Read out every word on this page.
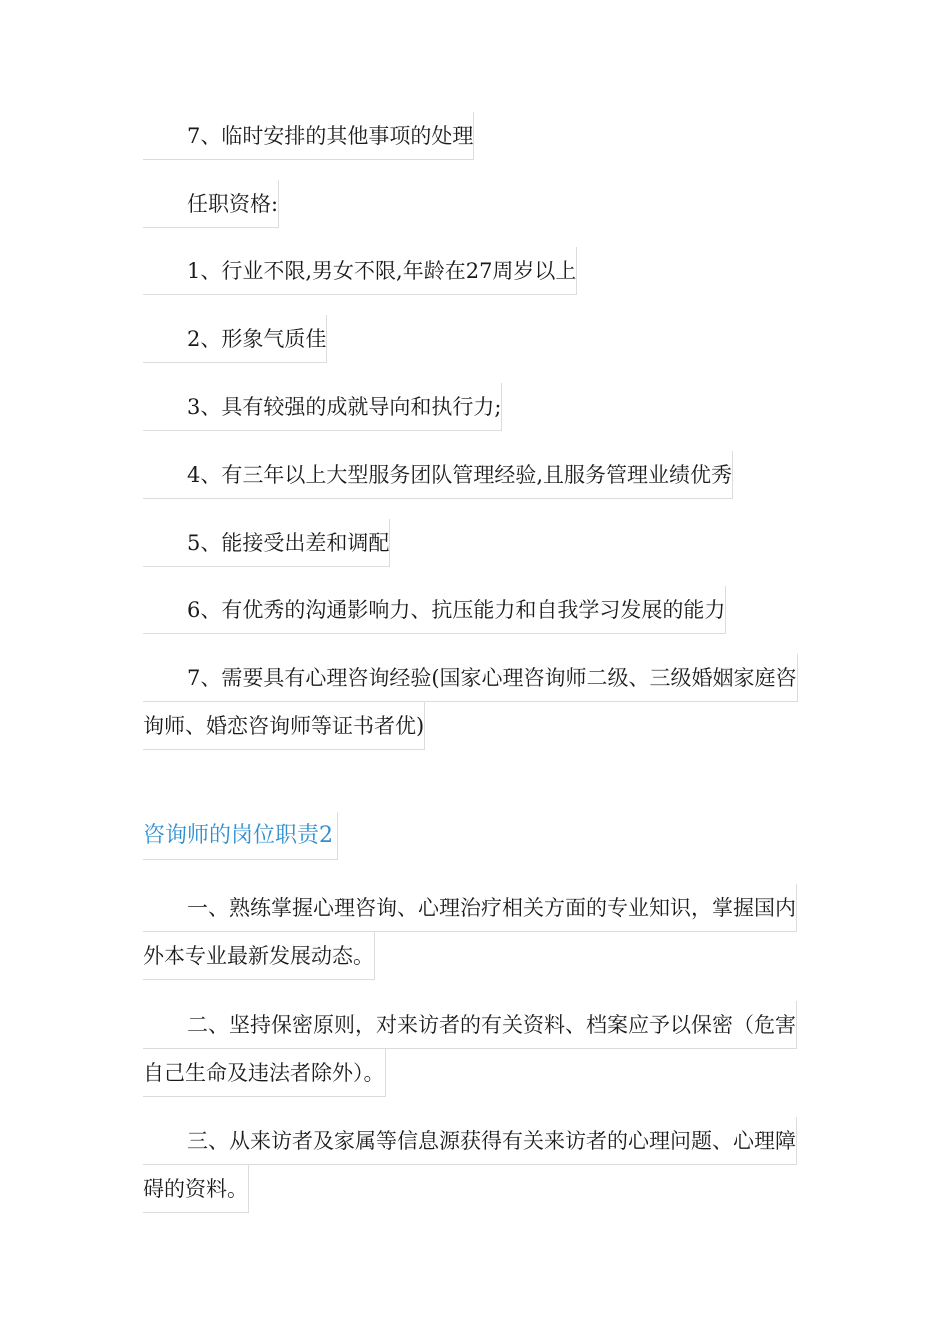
7、临时安排的其他事项的处理
任职资格:
1、行业不限,男女不限,年龄在27周岁以上
2、形象气质佳
3、具有较强的成就导向和执行力;
4、有三年以上大型服务团队管理经验,且服务管理业绩优秀
5、能接受出差和调配
6、有优秀的沟通影响力、抗压能力和自我学习发展的能力
7、需要具有心理咨询经验(国家心理咨询师二级、三级婚姻家庭咨
询师、婚恋咨询师等证书者优)
咨询师的岗位职责2
一、熟练掌握心理咨询、心理治疗相关方面的专业知识，掌握国内
外本专业最新发展动态。
二、坚持保密原则，对来访者的有关资料、档案应予以保密（危害
自己生命及违法者除外）。
三、从来访者及家属等信息源获得有关来访者的心理问题、心理障
碍的资料。
